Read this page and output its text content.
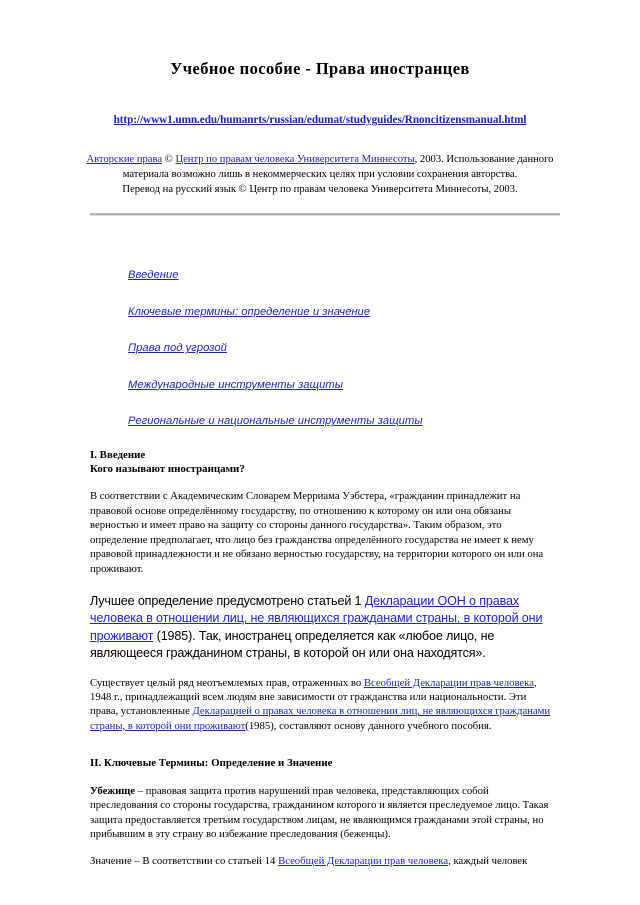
Учебное пособие - Права иностранцев
http://www1.umn.edu/humanrts/russian/edumat/studyguides/Rnoncitizensmanual.html
Авторские права © Центр по правам человека Университета Миннесоты, 2003. Использование данного материала возможно лишь в некоммерческих целях при условии сохранения авторства.
Перевод на русский язык © Центр по правам человека Университета Миннесоты, 2003.
Введение
Ключевые термины: определение и значение
Права под угрозой
Международные инструменты защиты
Региональные и национальные инструменты защиты
I. Введение
Кого называют иностранцами?

В соответствии с Академическим Словарем Мерриама Уэбстера, «гражданин принадлежит на правовой основе определённому государству, по отношению к которому он или она обязаны верностью и имеет право на защиту со стороны данного государства». Таким образом, это определение предполагает, что лицо без гражданства определённого государства не имеет к нему правовой принадлежности и не обязано верностью государству, на территории которого он или она проживают.

Лучшее определение предусмотрено статьей 1 Декларации ООН о правах человека в отношении лиц, не являющихся гражданами страны, в которой они проживают (1985). Так, иностранец определяется как «любое лицо, не являющееся гражданином страны, в которой он или она находятся».

Существует целый ряд неотъемлемых прав, отраженных во Всеобщей Декларации прав человека, 1948 г., принадлежащий всем людям вне зависимости от гражданства или национальности. Эти права, установленные Декларацией о правах человека в отношении лиц, не являющихся гражданами страны, в которой они проживают(1985), составляют основу данного учебного пособия.

II. Ключевые Термины: Определение и Значение

Убежище – правовая защита против нарушений прав человека, представляющих собой преследования со стороны государства, гражданином которого и является преследуемое лицо. Такая защита предоставляется третьим государством лицам, не являющимся гражданами этой страны, но прибывшим в эту страну во избежание преследования (беженцы).

Значение – В соответствии со статьей 14 Всеобщей Декларации прав человека, каждый человек
